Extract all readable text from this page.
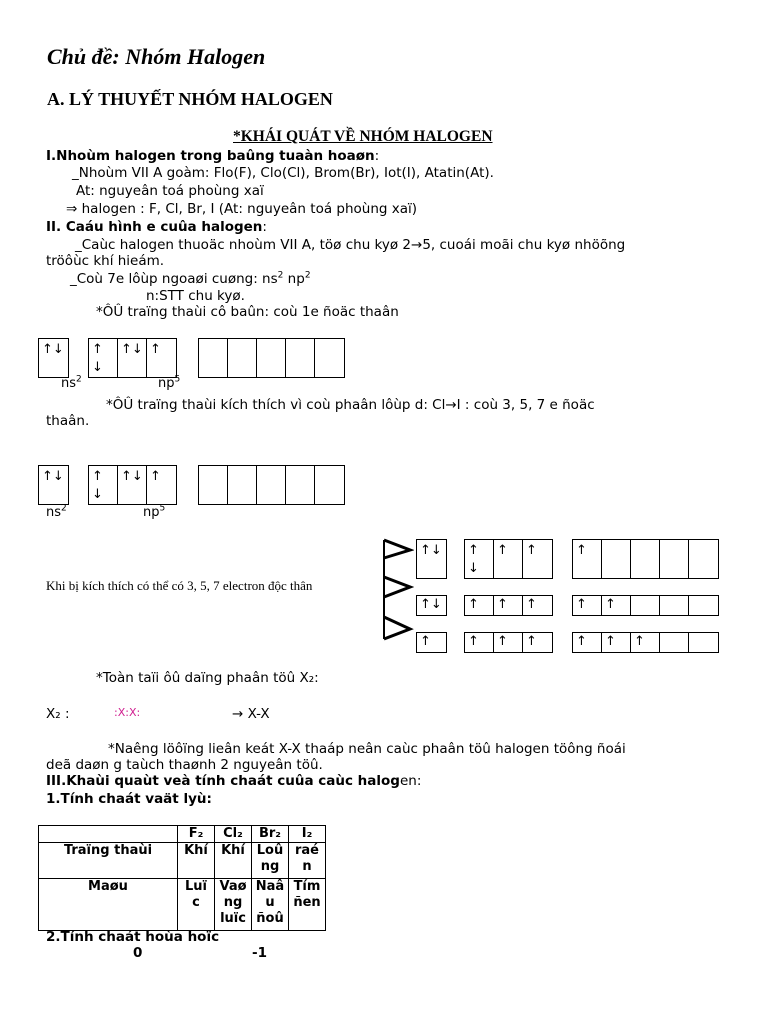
Chủ đề: Nhóm Halogen
A. LÝ THUYẾT NHÓM HALOGEN
*KHÁI QUÁT VỀ NHÓM HALOGEN
I.Nhoùm halogen trong baûng tuaàn hoaøn:
_Nhoùm VII A goàm: Flo(F), Clo(Cl), Brom(Br), Iot(I), Atatin(At).
At: nguyeân toá phoùng xaï
⇒ halogen : F, Cl, Br, I (At: nguyeân toá phoùng xaï)
II. Caáu hình e cuûa halogen:
_Caùc halogen thuoäc nhoùm VII A, töø chu kyø 2→5, cuoái moãi chu kyø nhöõng
tröôùc khí hieám.
_Coù 7e lôùp ngoaøi cuøng: $ns^2$ $np^2$
n:STT chu kyø.
*ÔÛ traïng thaùi cô baûn: coù 1e ñoäc thaân
↑↓	↑
↓
↑↓ ↑
$ns^2$	$np^5$
*ÔÛ traïng thaùi kích thích vì coù phaân lôùp d: Cl→I : coù 3, 5, 7 e ñoäc
thaân.
↑↓	↑
↓
↑↓ ↑
$ns^2$	$np^5$
Khi bị kích thích có thể có 3, 5, 7 electron độc thân
↑↓	↑
↓
↑	↑	↑
↑↓	↑	↑	↑	↑	↑
↑	↑	↑	↑	↑	↑	↑
*Toàn taïi ôû daïng phaân töû X₂:
X₂ :	:X:X:	→ X-X
*Naêng löôïng lieân keát X-X thaáp neân caùc phaân töû halogen töông ñoái
deã daøn g taùch thaønh 2 nguyeân töû.
III.Khaùi quaùt veà tính chaát cuûa caùc halogen:
1.Tính chaát vaät lyù:
	F₂	Cl₂	Br₂	I₂
Traïng thaùi	Khí	Khí	Loû ng	raé n
Maøu	Luï c	Vaø ng luïc	Naâ u ñoû	Tím ñen
2.Tính chaát hoùa hoïc
0	-1
